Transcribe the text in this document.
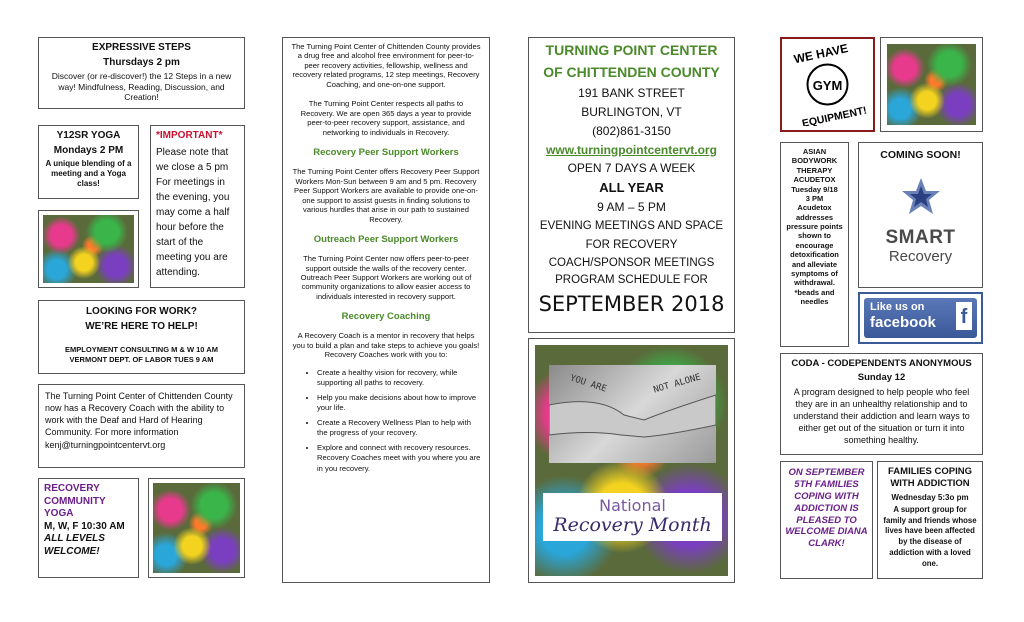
EXPRESSIVE STEPS
Thursdays 2 pm
Discover (or re-discover!) the 12 Steps in a new way! Mindfulness, Reading, Discussion, and Creation!
Y12SR YOGA
Mondays 2 PM
A unique blending of a meeting and a Yoga class!
*IMPORTANT*
Please note that we close a 5 pm For meetings in the evening, you may come a half hour before the start of the meeting you are attending.
LOOKING FOR WORK?
WE’RE HERE TO HELP!
EMPLOYMENT CONSULTING M & W 10 AM
VERMONT DEPT. OF LABOR TUES 9 AM
The Turning Point Center of Chittenden County now has a Recovery Coach with the ability to work with the Deaf and Hard of Hearing Community. For more information kenj@turningpointcentervt.org
RECOVERY
COMMUNITY
YOGA
M, W, F 10:30 AM
ALL LEVELS
WELCOME!
The Turning Point Center of Chittenden County provides a drug free and alcohol free environment for peer-to-peer recovery activities, fellowship, wellness and recovery related programs, 12 step meetings, Recovery Coaching, and one-on-one support.
The Turning Point Center respects all paths to Recovery. We are open 365 days a year to provide peer-to-peer recovery support, assistance, and networking to individuals in Recovery.
Recovery Peer Support Workers
The Turning Point Center offers Recovery Peer Support Workers Mon-Sun between 9 am and 5 pm. Recovery Peer Support Workers are available to provide one-on-one support to assist guests in finding solutions to various hurdles that arise in our path to sustained Recovery.
Outreach Peer Support Workers
The Turning Point Center now offers peer-to-peer support outside the walls of the recovery center. Outreach Peer Support Workers are working out of community organizations to allow easier access to individuals interested in recovery support.
Recovery Coaching
A Recovery Coach is a mentor in recovery that helps you to build a plan and take steps to achieve you goals! Recovery Coaches work with you to:
• Create a healthy vision for recovery, while supporting all paths to recovery.
• Help you make decisions about how to improve your life.
• Create a Recovery Wellness Plan to help with the progress of your recovery.
• Explore and connect with recovery resources. Recovery Coaches meet with you where you are in you recovery.
TURNING POINT CENTER
OF CHITTENDEN COUNTY
191 BANK STREET
BURLINGTON, VT
(802)861-3150
www.turningpointcentervt.org
OPEN 7 DAYS A WEEK
ALL YEAR
9 AM – 5 PM
EVENING MEETINGS AND SPACE
FOR RECOVERY
COACH/SPONSOR MEETINGS
PROGRAM SCHEDULE FOR
SEPTEMBER 2018
YOU ARE	NOT ALONE
National
Recovery Month
GYM
WE HAVE
EQUIPMENT!
ASIAN BODYWORK THERAPY ACUDETOX
Tuesday 9/18
3 PM
Acudetox addresses pressure points shown to encourage detoxification and alleviate symptoms of withdrawal. *beads and needles
COMING SOON!
SMART
Recovery
Like us on
facebook	f
CODA - CODEPENDENTS ANONYMOUS
Sunday 12
A program designed to help people who feel they are in an unhealthy relationship and to understand their addiction and learn ways to either get out of the situation or turn it into something healthy.
ON SEPTEMBER 5TH FAMILIES COPING WITH ADDICTION IS PLEASED TO WELCOME DIANA CLARK!
FAMILIES COPING WITH ADDICTION
Wednesday 5:3o pm
A support group for family and friends whose lives have been affected by the disease of addiction with a loved one.
